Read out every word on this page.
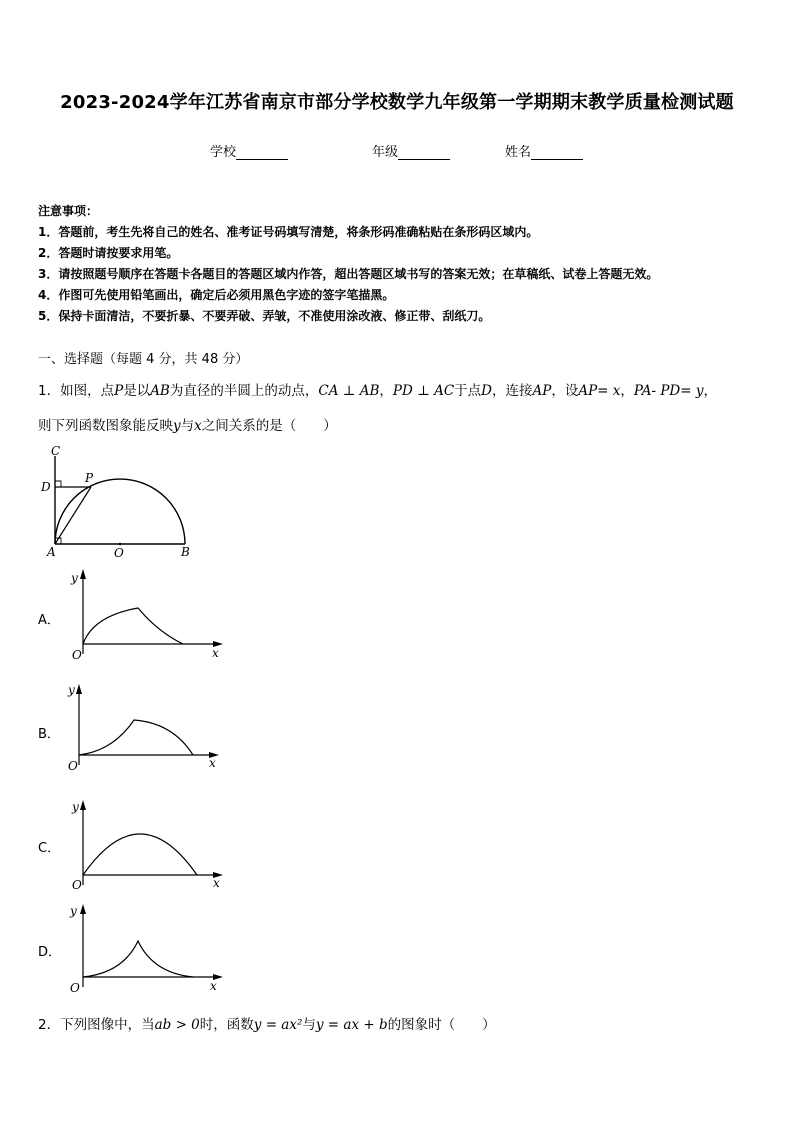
2023-2024学年江苏省南京市部分学校数学九年级第一学期期末教学质量检测试题
学校	年级	姓名
注意事项：
1．答题前，考生先将自己的姓名、准考证号码填写清楚，将条形码准确粘贴在条形码区域内。
2．答题时请按要求用笔。
3．请按照题号顺序在答题卡各题目的答题区域内作答，超出答题区域书写的答案无效；在草稿纸、试卷上答题无效。
4．作图可先使用铅笔画出，确定后必须用黑色字迹的签字笔描黑。
5．保持卡面清洁，不要折暴、不要弄破、弄皱，不准使用涂改液、修正带、刮纸刀。
一、选择题（每题 4 分，共 48 分）
1．如图，点P是以AB为直径的半圆上的动点，CA ⊥ AB，PD ⊥ AC于点D，连接AP，设AP= x，PA- PD= y，
则下列函数图象能反映y与x之间关系的是（　　）
C
D
P
A	O	B
A．
y
x
O
B．
y
x
O
C．
y
x
O
D．
y
x
O
2．下列图像中，当ab > 0时，函数y = ax²与y = ax + b的图象时（　　）
